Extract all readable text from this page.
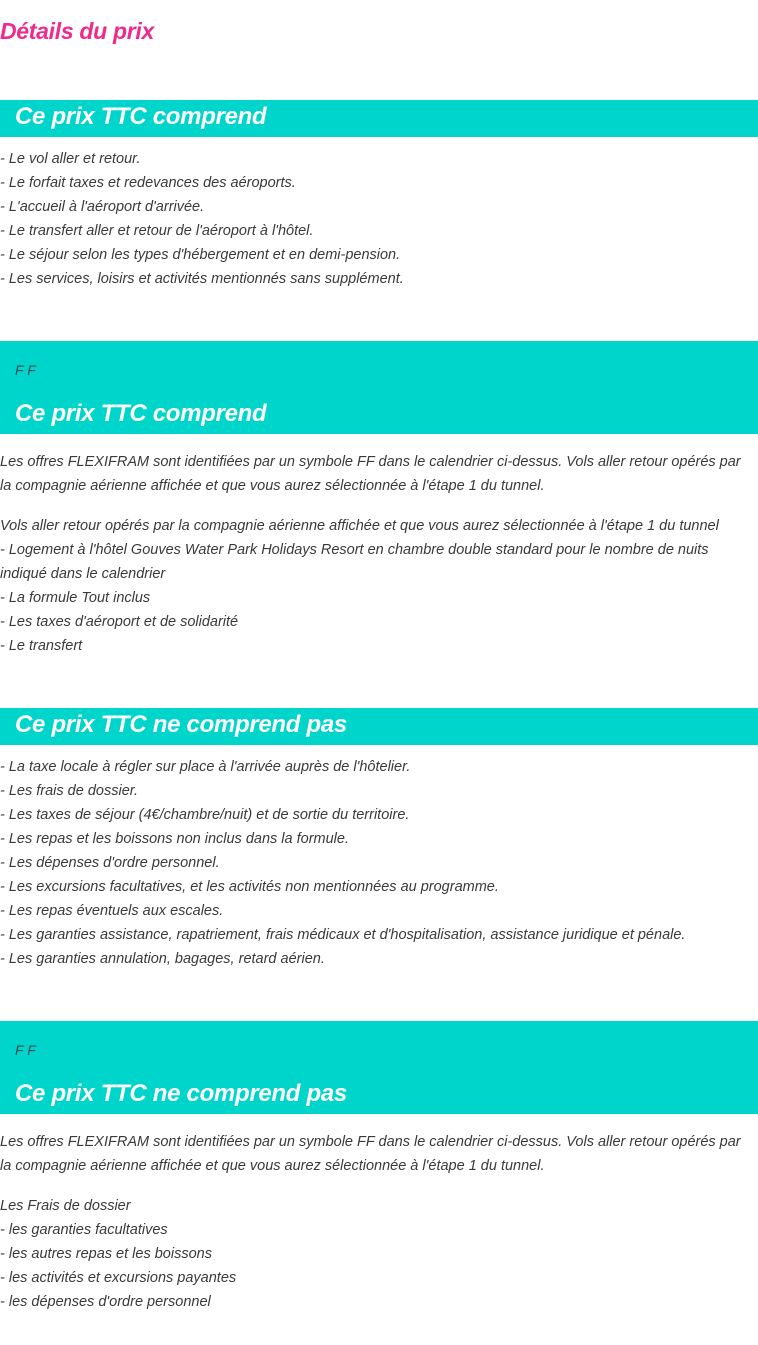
Détails du prix
Ce prix TTC comprend
- Le vol aller et retour.
- Le forfait taxes et redevances des aéroports.
- L'accueil à l'aéroport d'arrivée.
- Le transfert aller et retour de l'aéroport à l'hôtel.
- Le séjour selon les types d'hébergement et en demi-pension.
- Les services, loisirs et activités mentionnés sans supplément.
F F
Ce prix TTC comprend

Les offres FLEXIFRAM sont identifiées par un symbole FF dans le calendrier ci-dessus. Vols aller retour opérés par la compagnie aérienne affichée et que vous aurez sélectionnée à l'étape 1 du tunnel.

Vols aller retour opérés par la compagnie aérienne affichée et que vous aurez sélectionnée à l'étape 1 du tunnel
- Logement à l'hôtel Gouves Water Park Holidays Resort en chambre double standard pour le nombre de nuits indiqué dans le calendrier
- La formule Tout inclus
- Les taxes d'aéroport et de solidarité
- Le transfert
Ce prix TTC ne comprend pas
- La taxe locale à régler sur place à l'arrivée auprès de l'hôtelier.
- Les frais de dossier.
- Les taxes de séjour (4€/chambre/nuit) et de sortie du territoire.
- Les repas et les boissons non inclus dans la formule.
- Les dépenses d'ordre personnel.
- Les excursions facultatives, et les activités non mentionnées au programme.
- Les repas éventuels aux escales.
- Les garanties assistance, rapatriement, frais médicaux et d'hospitalisation, assistance juridique et pénale.
- Les garanties annulation, bagages, retard aérien.
F F
Ce prix TTC ne comprend pas

Les offres FLEXIFRAM sont identifiées par un symbole FF dans le calendrier ci-dessus. Vols aller retour opérés par la compagnie aérienne affichée et que vous aurez sélectionnée à l'étape 1 du tunnel.

Les Frais de dossier
- les garanties facultatives
- les autres repas et les boissons
- les activités et excursions payantes
- les dépenses d'ordre personnel
